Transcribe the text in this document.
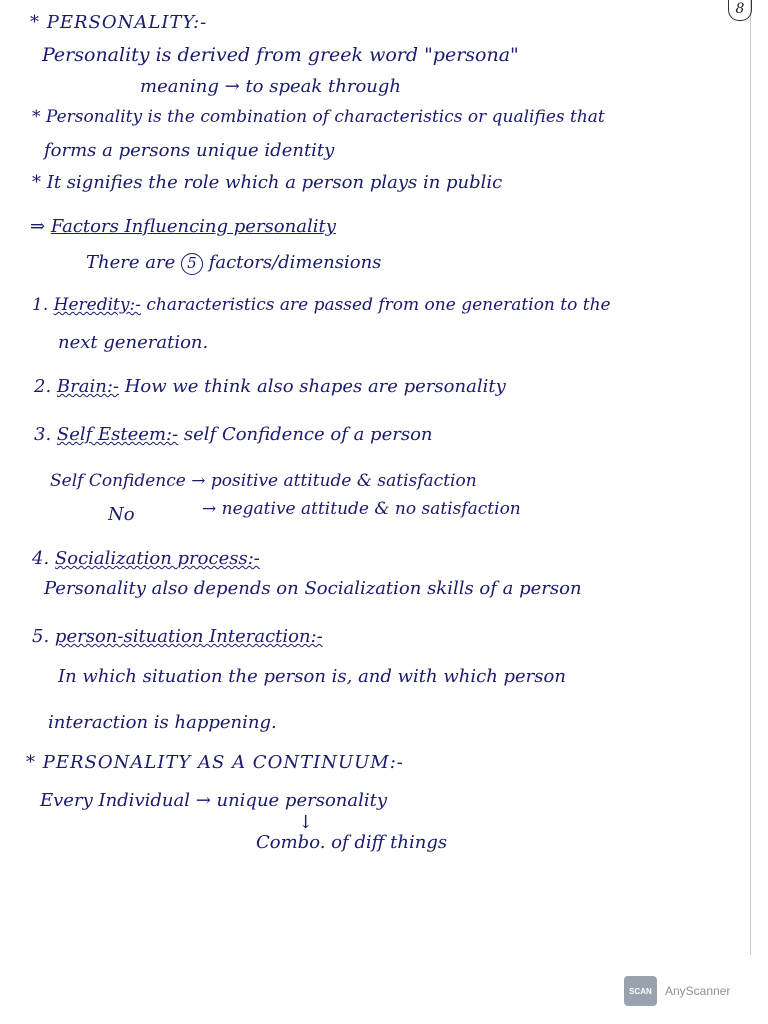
8
* PERSONALITY:-
Personality is derived from greek word "persona"
meaning → to speak through
* Personality is the combination of characteristics or qualifies that
forms a persons unique identity
* It signifies the role which a person plays in public
⇒ Factors Influencing personality
There are 5 factors/dimensions
1. Heredity:- characteristics are passed from one generation to the
next generation.
2. Brain:- How we think also shapes are personality
3. Self Esteem:- self Confidence of a person
Self Confidence → positive attitude & satisfaction
No	→ negative attitude & no satisfaction
4. Socialization process:-
Personality also depends on Socialization skills of a person
5. person-situation Interaction:-
In which situation the person is, and with which person
interaction is happening.
* PERSONALITY AS A CONTINUUM:-
Every Individual → unique personality
↓
Combo. of diff things
SCAN	AnyScanner
